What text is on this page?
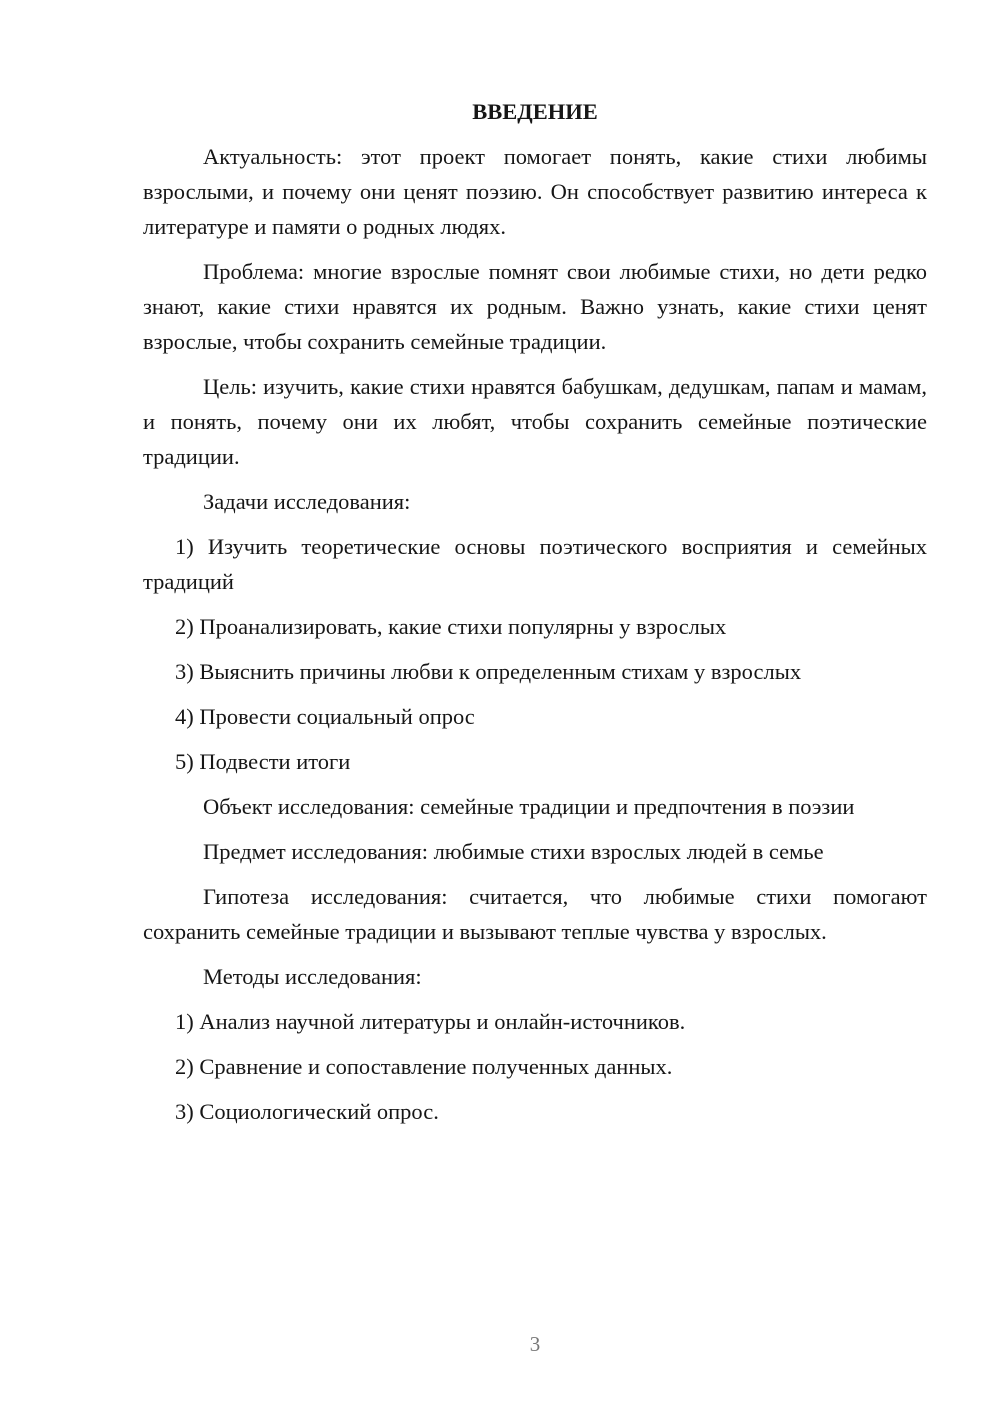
ВВЕДЕНИЕ
Актуальность: этот проект помогает понять, какие стихи любимы взрослыми, и почему они ценят поэзию. Он способствует развитию интереса к литературе и памяти о родных людях.
Проблема: многие взрослые помнят свои любимые стихи, но дети редко знают, какие стихи нравятся их родным. Важно узнать, какие стихи ценят взрослые, чтобы сохранить семейные традиции.
Цель: изучить, какие стихи нравятся бабушкам, дедушкам, папам и мамам, и понять, почему они их любят, чтобы сохранить семейные поэтические традиции.
Задачи исследования:
1) Изучить теоретические основы поэтического восприятия и семейных традиций
2) Проанализировать, какие стихи популярны у взрослых
3) Выяснить причины любви к определенным стихам у взрослых
4) Провести социальный опрос
5) Подвести итоги
Объект исследования: семейные традиции и предпочтения в поэзии
Предмет исследования: любимые стихи взрослых людей в семье
Гипотеза исследования: считается, что любимые стихи помогают сохранить семейные традиции и вызывают теплые чувства у взрослых.
Методы исследования:
1) Анализ научной литературы и онлайн-источников.
2) Сравнение и сопоставление полученных данных.
3) Социологический опрос.
3
